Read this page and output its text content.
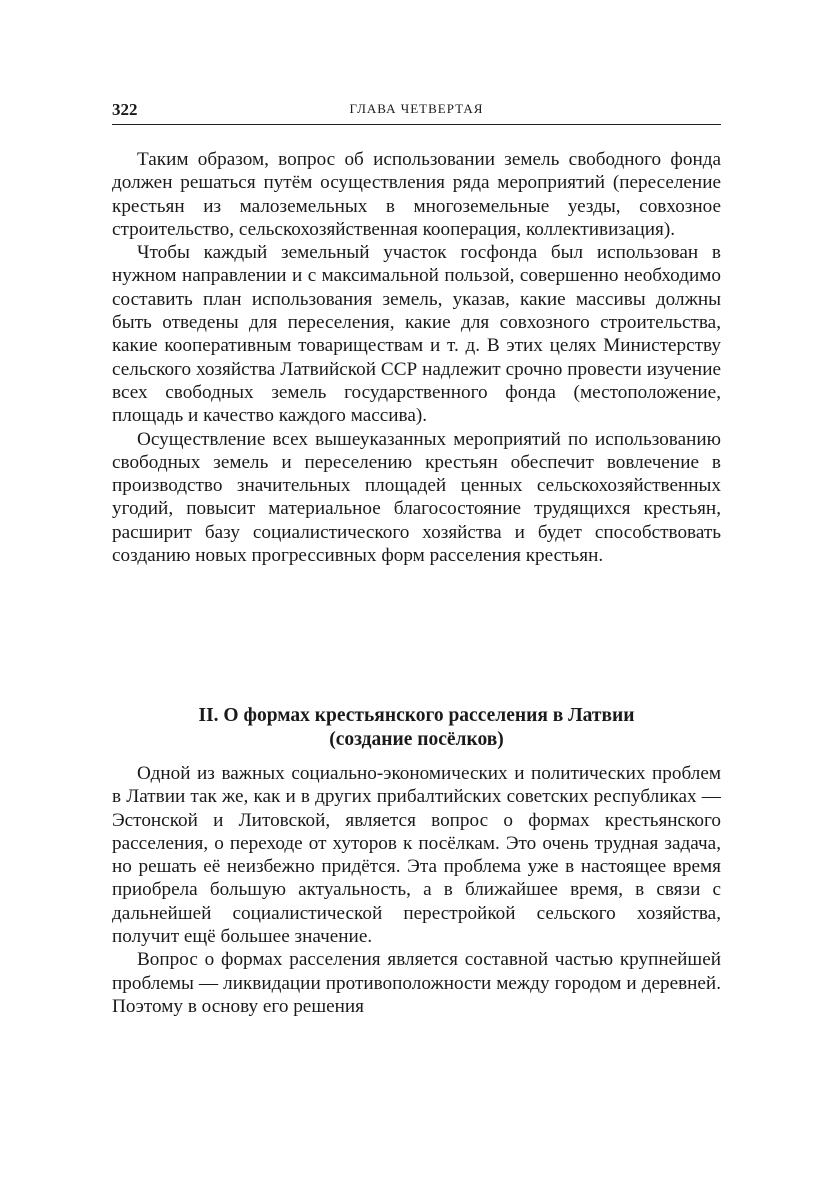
322	ГЛАВА ЧЕТВЕРТАЯ

Таким образом, вопрос об использовании земель свободного фонда должен решаться путём осуществления ряда мероприятий (переселение крестьян из малоземельных в многоземельные уезды, совхозное строительство, сельскохозяйственная кооперация, коллективизация).

Чтобы каждый земельный участок госфонда был использован в нужном направлении и с максимальной пользой, совершенно необходимо составить план использования земель, указав, какие массивы должны быть отведены для переселения, какие для совхозного строительства, какие кооперативным товариществам и т. д. В этих целях Министерству сельского хозяйства Латвийской ССР надлежит срочно провести изучение всех свободных земель государственного фонда (местоположение, площадь и качество каждого массива).

Осуществление всех вышеуказанных мероприятий по использованию свободных земель и переселению крестьян обеспечит вовлечение в производство значительных площадей ценных сельскохозяйственных угодий, повысит материальное благосостояние трудящихся крестьян, расширит базу социалистического хозяйства и будет способствовать созданию новых прогрессивных форм расселения крестьян.

II. О формах крестьянского расселения в Латвии
(создание посёлков)

Одной из важных социально-экономических и политических проблем в Латвии так же, как и в других прибалтийских советских республиках — Эстонской и Литовской, является вопрос о формах крестьянского расселения, о переходе от хуторов к посёлкам. Это очень трудная задача, но решать её неизбежно придётся. Эта проблема уже в настоящее время приобрела большую актуальность, а в ближайшее время, в связи с дальнейшей социалистической перестройкой сельского хозяйства, получит ещё большее значение.

Вопрос о формах расселения является составной частью крупнейшей проблемы — ликвидации противоположности между городом и деревней. Поэтому в основу его решения
